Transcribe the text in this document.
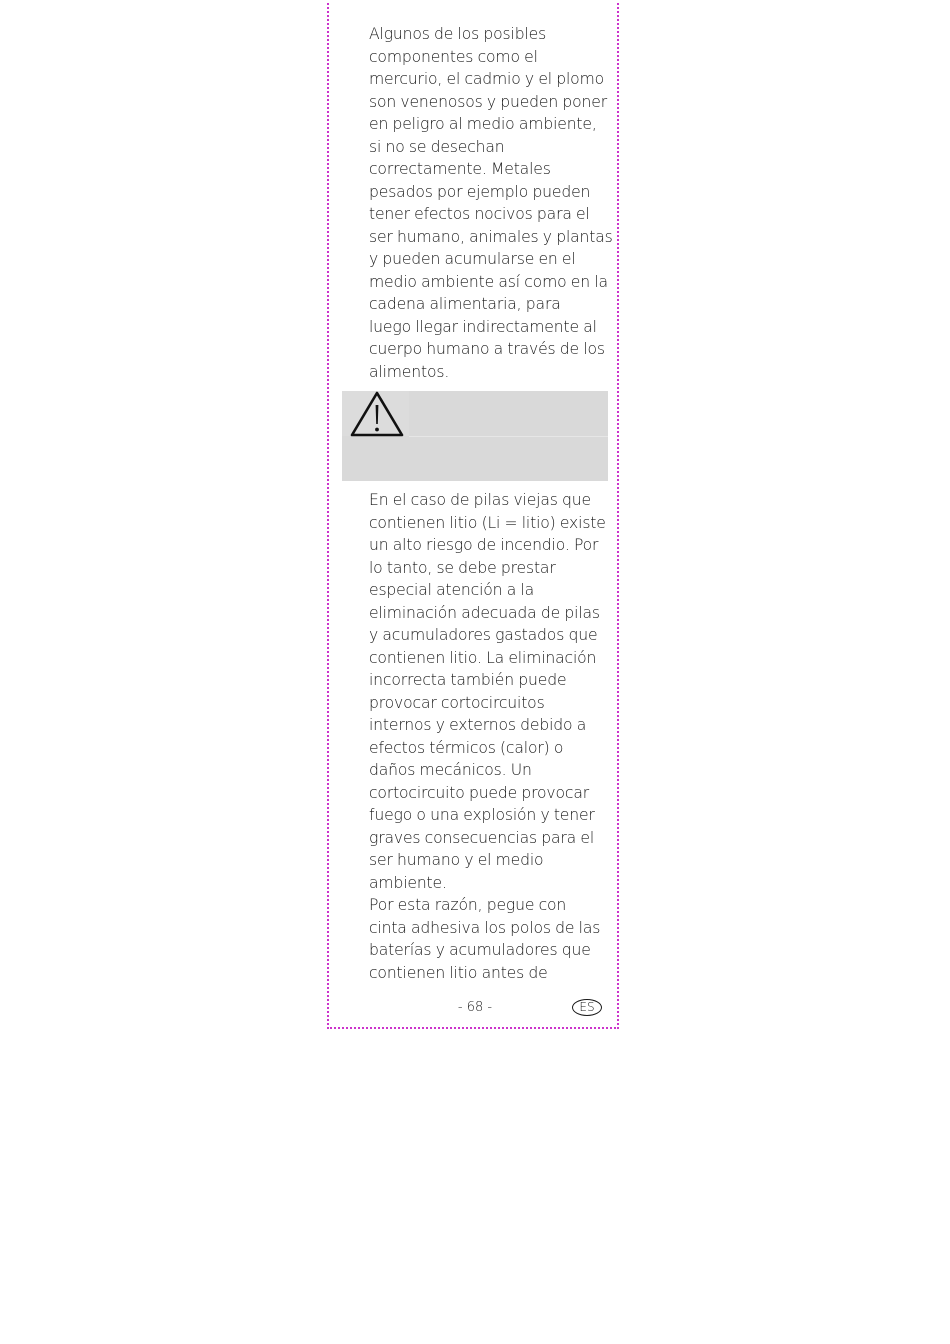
Algunos de los posibles
componentes como el
mercurio, el cadmio y el plomo
son venenosos y pueden poner
en peligro al medio ambiente,
si no se desechan
correctamente. Metales
pesados por ejemplo pueden
tener efectos nocivos para el
ser humano, animales y plantas
y pueden acumularse en el
medio ambiente así como en la
cadena alimentaria, para
luego llegar indirectamente al
cuerpo humano a través de los
alimentos.
En el caso de pilas viejas que
contienen litio (Li = litio) existe
un alto riesgo de incendio. Por
lo tanto, se debe prestar
especial atención a la
eliminación adecuada de pilas
y acumuladores gastados que
contienen litio. La eliminación
incorrecta también puede
provocar cortocircuitos
internos y externos debido a
efectos térmicos (calor) o
daños mecánicos. Un
cortocircuito puede provocar
fuego o una explosión y tener
graves consecuencias para el
ser humano y el medio
ambiente.
Por esta razón, pegue con
cinta adhesiva los polos de las
baterías y acumuladores que
contienen litio antes de
- 68 -	ES
